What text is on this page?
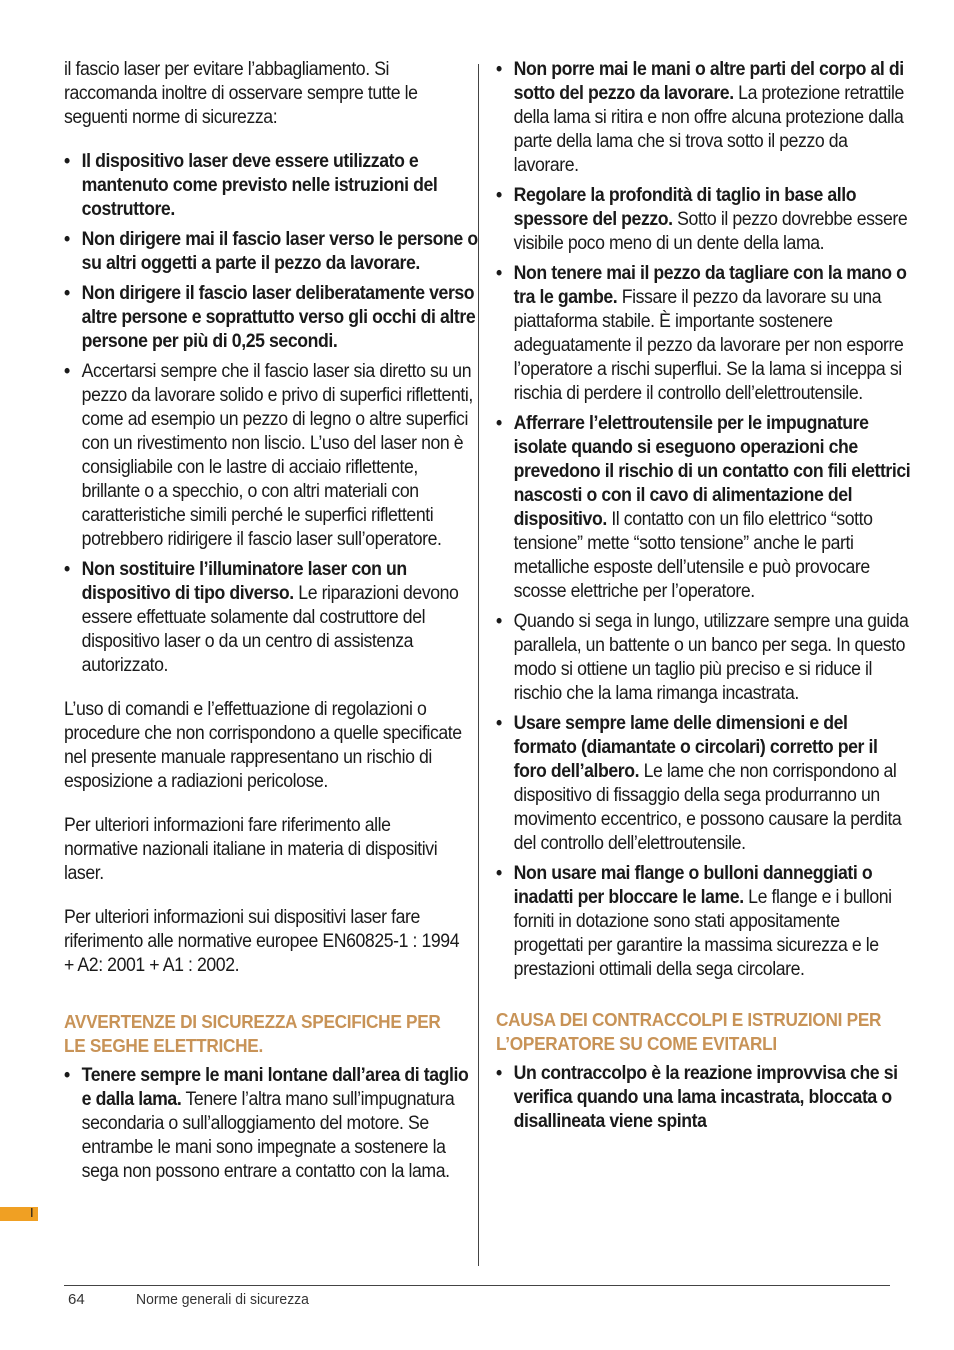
il fascio laser per evitare l’abbagliamento. Si raccomanda inoltre di osservare sempre tutte le seguenti norme di sicurezza:

• Il dispositivo laser deve essere utilizzato e mantenuto come previsto nelle istruzioni del costruttore.
• Non dirigere mai il fascio laser verso le persone o su altri oggetti a parte il pezzo da lavorare.
• Non dirigere il fascio laser deliberatamente verso altre persone e soprattutto verso gli occhi di altre persone per più di 0,25 secondi.
• Accertarsi sempre che il fascio laser sia diretto su un pezzo da lavorare solido e privo di superfici riflettenti, come ad esempio un pezzo di legno o altre superfici con un rivestimento non liscio. L’uso del laser non è consigliabile con le lastre di acciaio riflettente, brillante o a specchio, o con altri materiali con caratteristiche simili perché le superfici riflettenti potrebbero ridirigere il fascio laser sull’operatore.
• Non sostituire l’illuminatore laser con un dispositivo di tipo diverso. Le riparazioni devono essere effettuate solamente dal costruttore del dispositivo laser o da un centro di assistenza autorizzato.

L’uso di comandi e l’effettuazione di regolazioni o procedure che non corrispondono a quelle specificate nel presente manuale rappresentano un rischio di esposizione a radiazioni pericolose.

Per ulteriori informazioni fare riferimento alle normative nazionali italiane in materia di dispositivi laser.

Per ulteriori informazioni sui dispositivi laser fare riferimento alle normative europee EN60825-1 : 1994 + A2: 2001 + A1 : 2002.

AVVERTENZE DI SICUREZZA SPECIFICHE PER LE SEGHE ELETTRICHE.
• Tenere sempre le mani lontane dall’area di taglio e dalla lama. Tenere l’altra mano sull’impugnatura secondaria o sull’alloggiamento del motore. Se entrambe le mani sono impegnate a sostenere la sega non possono entrare a contatto con la lama.
• Non porre mai le mani o altre parti del corpo al di sotto del pezzo da lavorare. La protezione retrattile della lama si ritira e non offre alcuna protezione dalla parte della lama che si trova sotto il pezzo da lavorare.
• Regolare la profondità di taglio in base allo spessore del pezzo. Sotto il pezzo dovrebbe essere visibile poco meno di un dente della lama.
• Non tenere mai il pezzo da tagliare con la mano o tra le gambe. Fissare il pezzo da lavorare su una piattaforma stabile. È importante sostenere adeguatamente il pezzo da lavorare per non esporre l’operatore a rischi superflui. Se la lama si inceppa si rischia di perdere il controllo dell’elettroutensile.
• Afferrare l’elettroutensile per le impugnature isolate quando si eseguono operazioni che prevedono il rischio di un contatto con fili elettrici nascosti o con il cavo di alimentazione del dispositivo. Il contatto con un filo elettrico “sotto tensione” mette “sotto tensione” anche le parti metalliche esposte dell’utensile e può provocare scosse elettriche per l’operatore.
• Quando si sega in lungo, utilizzare sempre una guida parallela, un battente o un banco per sega. In questo modo si ottiene un taglio più preciso e si riduce il rischio che la lama rimanga incastrata.
• Usare sempre lame delle dimensioni e del formato (diamantate o circolari) corretto per il foro dell’albero. Le lame che non corrispondono al dispositivo di fissaggio della sega produrranno un movimento eccentrico, e possono causare la perdita del controllo dell’elettroutensile.
• Non usare mai flange o bulloni danneggiati o inadatti per bloccare le lame. Le flange e i bulloni forniti in dotazione sono stati appositamente progettati per garantire la massima sicurezza e le prestazioni ottimali della sega circolare.
CAUSA DEI CONTRACCOLPI E ISTRUZIONI PER L’OPERATORE SU COME EVITARLI
• Un contraccolpo è la reazione improvvisa che si verifica quando una lama incastrata, bloccata o disallineata viene spinta
I
64	Norme generali di sicurezza
